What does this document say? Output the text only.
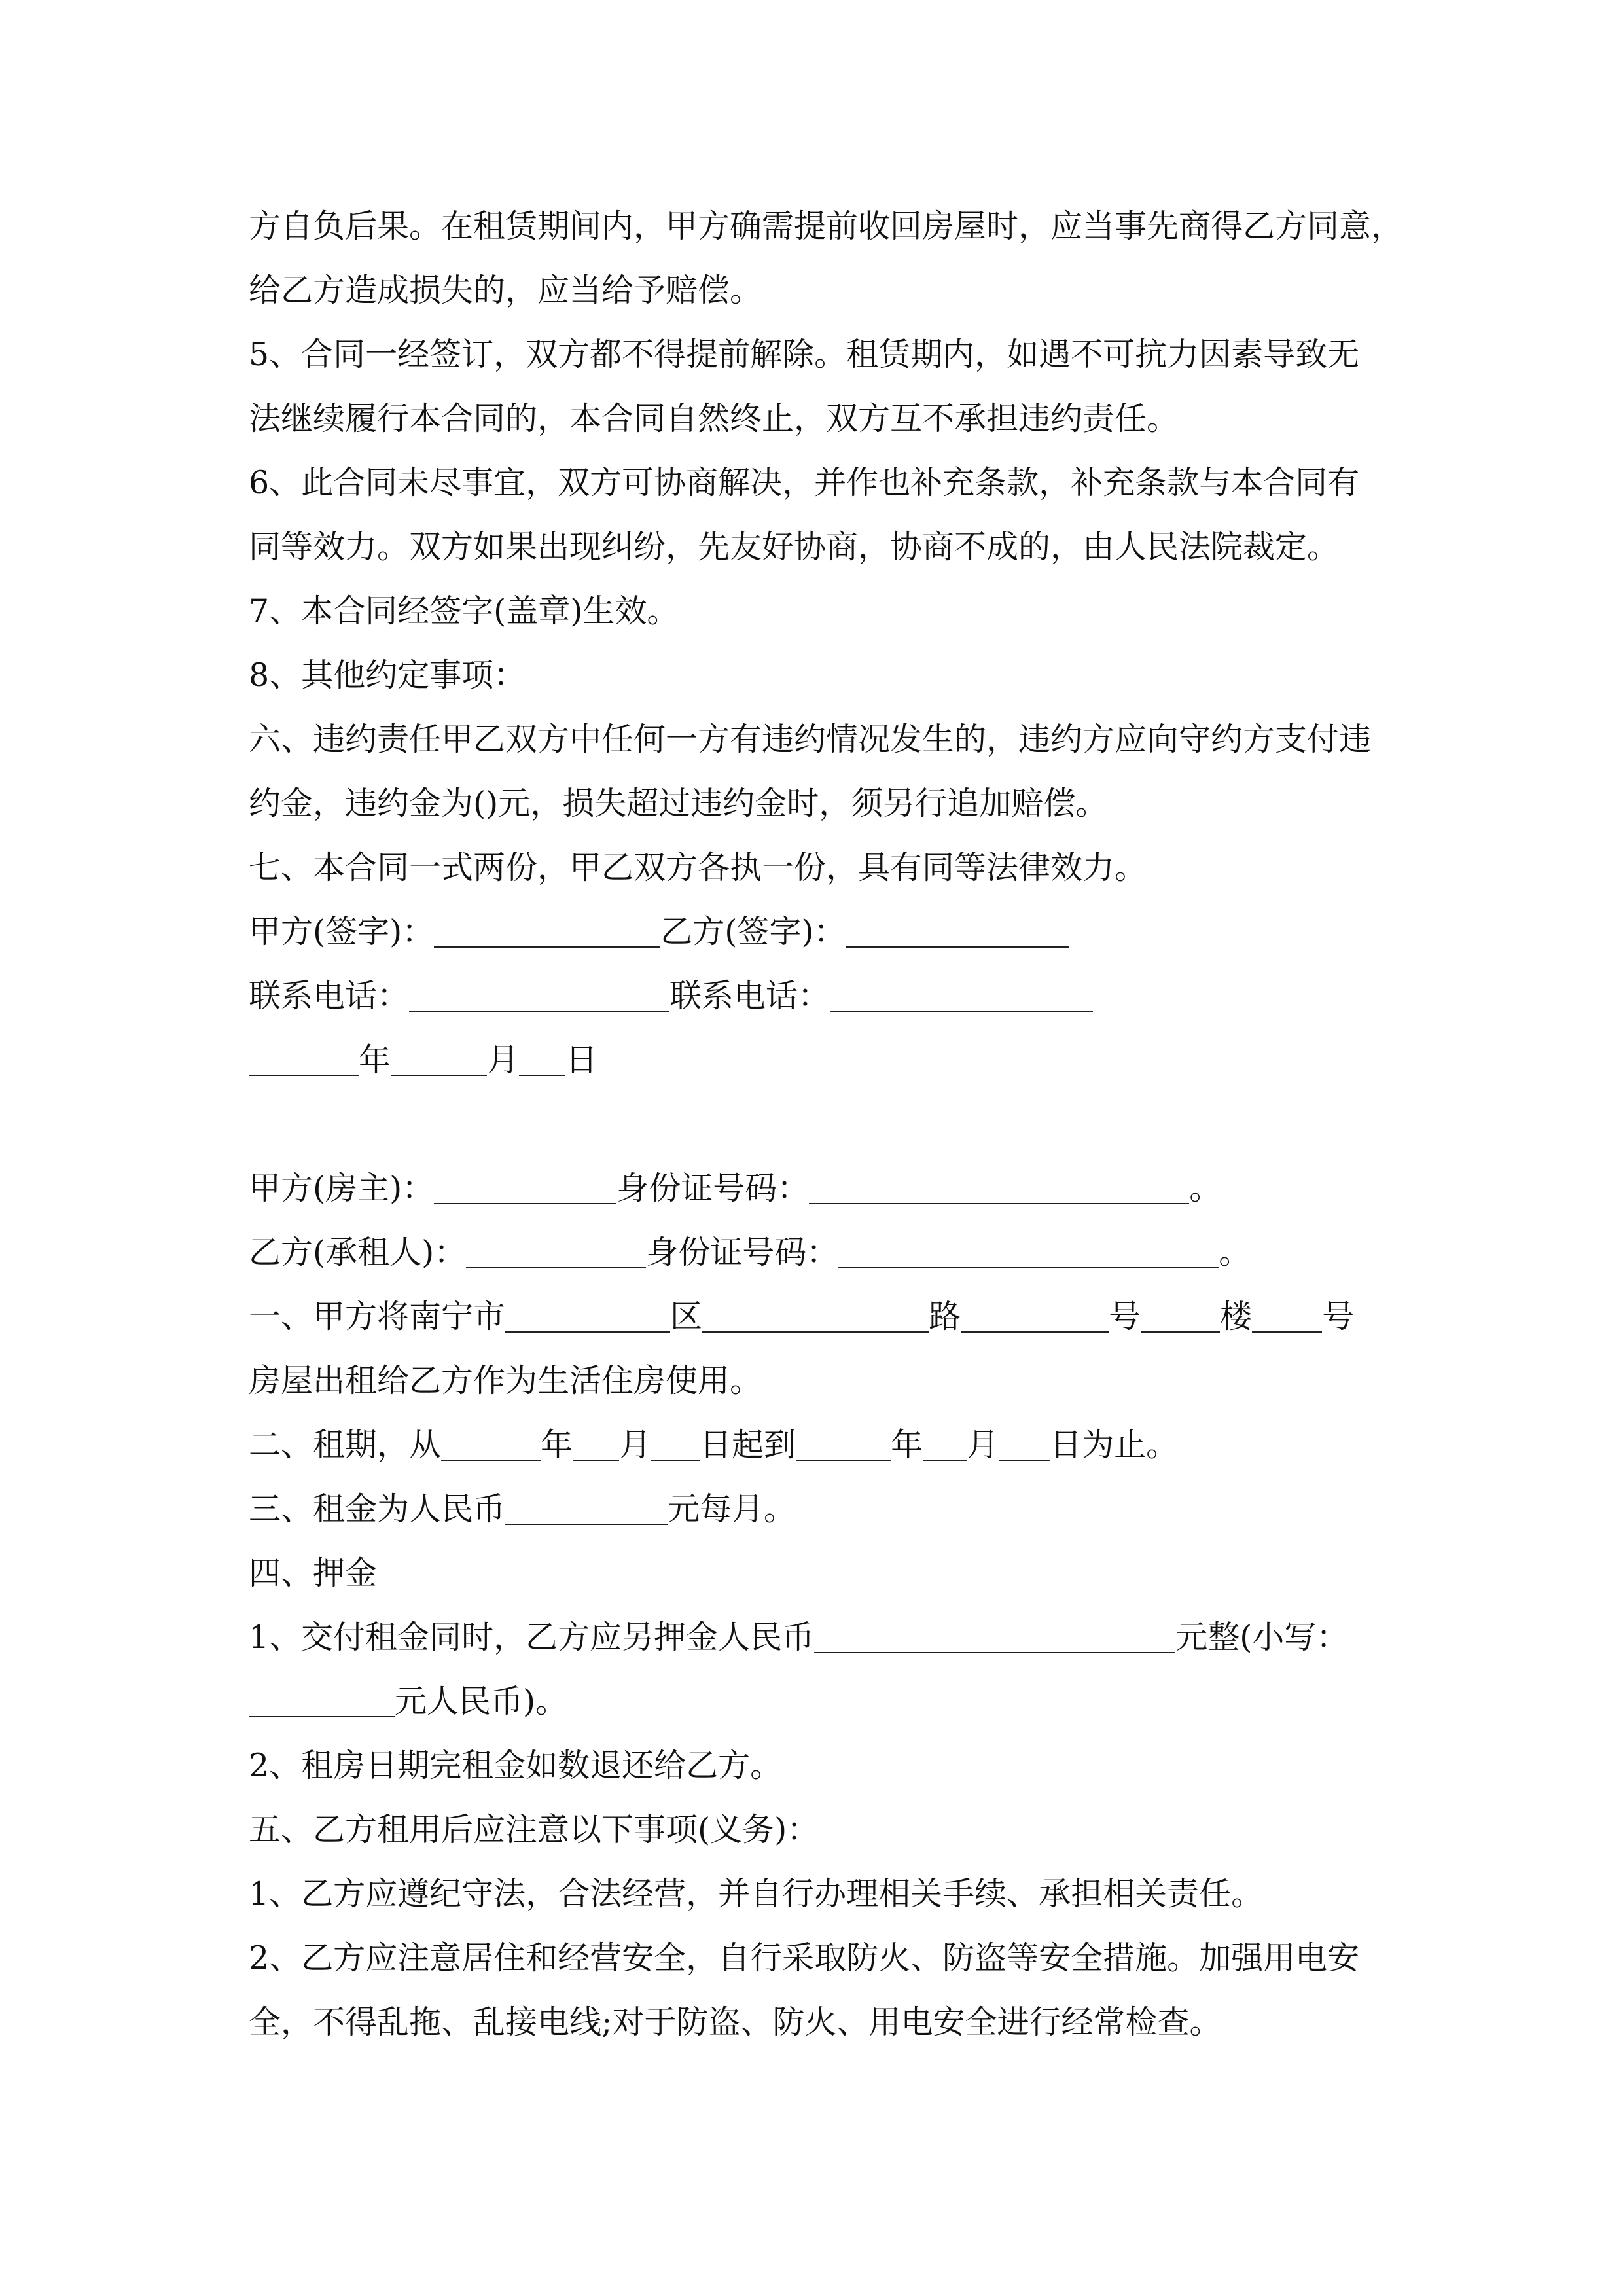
方自负后果。在租赁期间内，甲方确需提前收回房屋时，应当事先商得乙方同意，
给乙方造成损失的，应当给予赔偿。
5、合同一经签订，双方都不得提前解除。租赁期内，如遇不可抗力因素导致无
法继续履行本合同的，本合同自然终止，双方互不承担违约责任。
6、此合同未尽事宜，双方可协商解决，并作也补充条款，补充条款与本合同有
同等效力。双方如果出现纠纷，先友好协商，协商不成的，由人民法院裁定。
7、本合同经签字(盖章)生效。
8、其他约定事项：
六、违约责任甲乙双方中任何一方有违约情况发生的，违约方应向守约方支付违
约金，违约金为()元，损失超过违约金时，须另行追加赔偿。
七、本合同一式两份，甲乙双方各执一份，具有同等法律效力。
甲方(签字)：	乙方(签字)：
联系电话：	联系电话：
年	月 日
甲方(房主)：	身份证号码：	。
乙方(承租人)：	身份证号码：	。
一、甲方将南宁市	区	路	号 楼 号
房屋出租给乙方作为生活住房使用。
二、租期，从	年 月 日起到	年 月 日为止。
三、租金为人民币	元每月。
四、押金
1、交付租金同时，乙方应另押金人民币	元整(小写：
元人民币)。
2、租房日期完租金如数退还给乙方。
五、乙方租用后应注意以下事项(义务)：
1、乙方应遵纪守法，合法经营，并自行办理相关手续、承担相关责任。
2、乙方应注意居住和经营安全，自行采取防火、防盗等安全措施。加强用电安
全，不得乱拖、乱接电线;对于防盗、防火、用电安全进行经常检查。
